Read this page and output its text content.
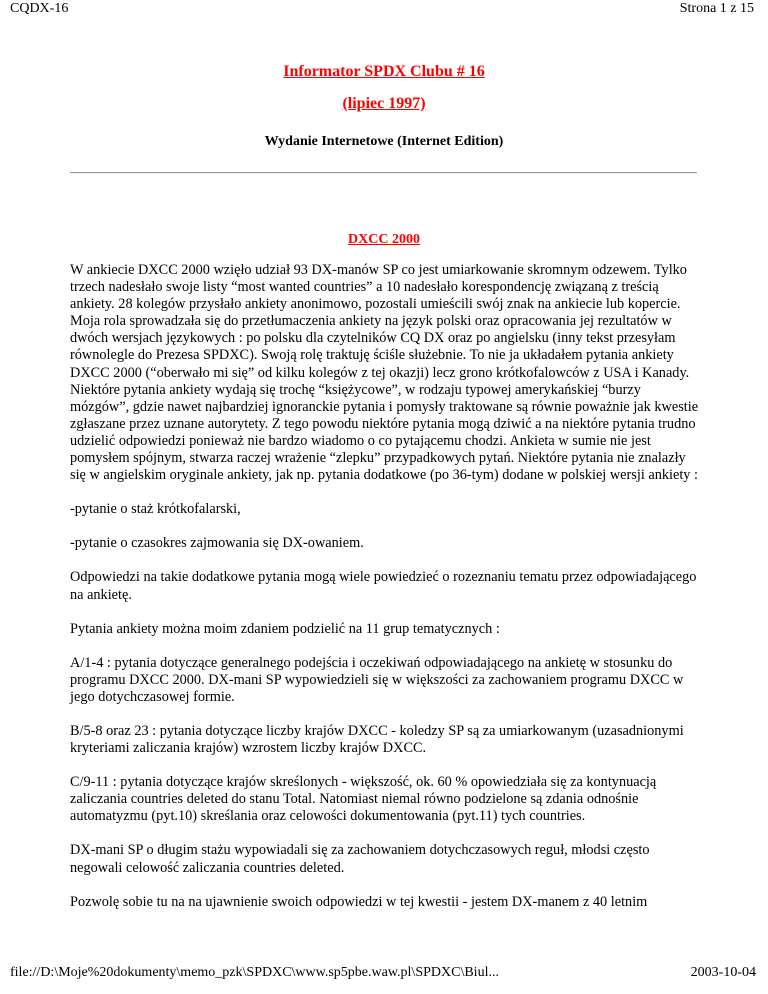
CQDX-16	Strona 1 z 15
Informator SPDX Clubu # 16
(lipiec 1997)
Wydanie Internetowe (Internet Edition)
DXCC 2000

W ankiecie DXCC 2000 wzięło udział 93 DX-manów SP co jest umiarkowanie skromnym odzewem. Tylko trzech nadesłało swoje listy “most wanted countries” a 10 nadesłało korespondencję związaną z treścią ankiety. 28 kolegów przysłało ankiety anonimowo, pozostali umieścili swój znak na ankiecie lub kopercie. Moja rola sprowadzała się do przetłumaczenia ankiety na język polski oraz opracowania jej rezultatów w dwóch wersjach językowych : po polsku dla czytelników CQ DX oraz po angielsku (inny tekst przesyłam równolegle do Prezesa SPDXC). Swoją rolę traktuję ściśle służebnie. To nie ja układałem pytania ankiety DXCC 2000 (“oberwało mi się” od kilku kolegów z tej okazji) lecz grono krótkofalowców z USA i Kanady. Niektóre pytania ankiety wydają się trochę “księżycowe”, w rodzaju typowej amerykańskiej “burzy mózgów”, gdzie nawet najbardziej ignoranckie pytania i pomysły traktowane są równie poważnie jak kwestie zgłaszane przez uznane autorytety. Z tego powodu niektóre pytania mogą dziwić a na niektóre pytania trudno udzielić odpowiedzi ponieważ nie bardzo wiadomo o co pytającemu chodzi. Ankieta w sumie nie jest pomysłem spójnym, stwarza raczej wrażenie “zlepku” przypadkowych pytań. Niektóre pytania nie znalazły się w angielskim oryginale ankiety, jak np. pytania dodatkowe (po 36-tym) dodane w polskiej wersji ankiety :

-pytanie o staż krótkofalarski,

-pytanie o czasokres zajmowania się DX-owaniem.

Odpowiedzi na takie dodatkowe pytania mogą wiele powiedzieć o rozeznaniu tematu przez odpowiadającego na ankietę.

Pytania ankiety można moim zdaniem podzielić na 11 grup tematycznych :

A/1-4 : pytania dotyczące generalnego podejścia i oczekiwań odpowiadającego na ankietę w stosunku do programu DXCC 2000. DX-mani SP wypowiedzieli się w większości za zachowaniem programu DXCC w jego dotychczasowej formie.

B/5-8 oraz 23 : pytania dotyczące liczby krajów DXCC - koledzy SP są za umiarkowanym (uzasadnionymi kryteriami zaliczania krajów) wzrostem liczby krajów DXCC.

C/9-11 : pytania dotyczące krajów skreślonych - większość, ok. 60 % opowiedziała się za kontynuacją zaliczania countries deleted do stanu Total. Natomiast niemal równo podzielone są zdania odnośnie automatyzmu (pyt.10) skreślania oraz celowości dokumentowania (pyt.11) tych countries.

DX-mani SP o długim stażu wypowiadali się za zachowaniem dotychczasowych reguł, młodsi często negowali celowość zaliczania countries deleted.

Pozwolę sobie tu na na ujawnienie swoich odpowiedzi w tej kwestii - jestem DX-manem z 40 letnim

file://D:\Moje%20dokumenty\memo_pzk\SPDXC\www.sp5pbe.waw.pl\SPDXC\Biul...	2003-10-04
